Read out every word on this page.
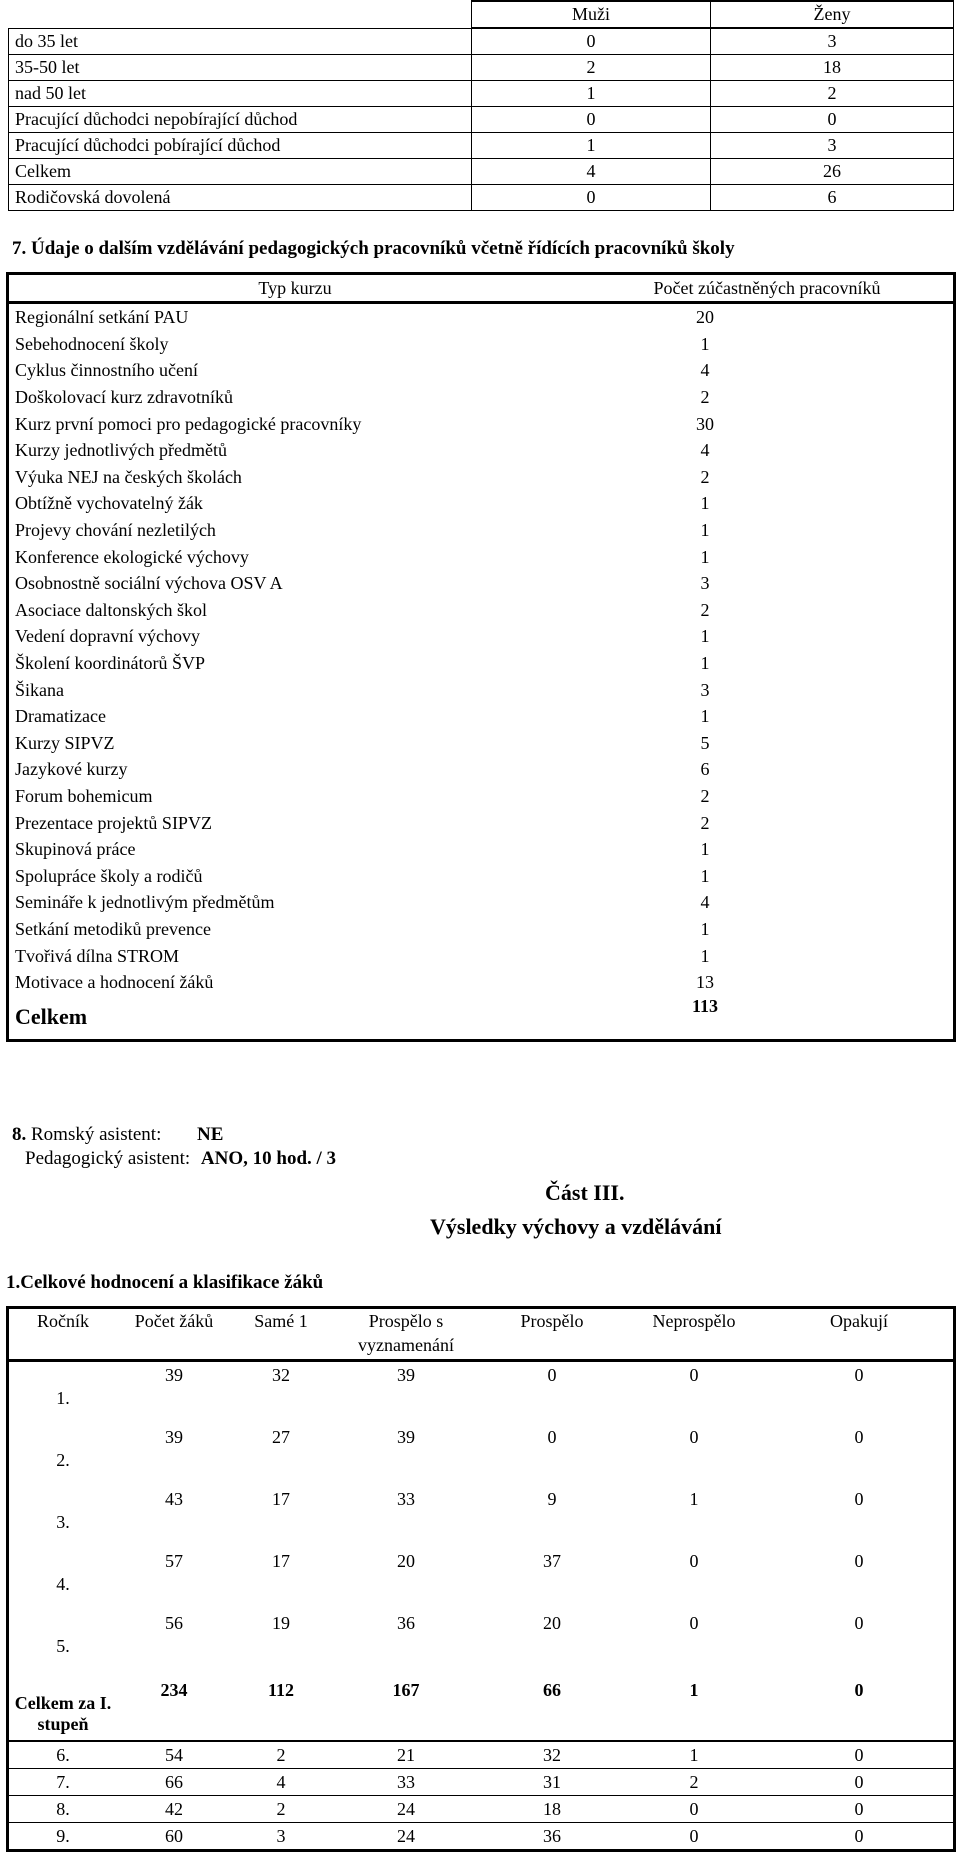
	Muži	Ženy
do 35 let	0	3
35-50 let	2	18
nad 50 let	1	2
Pracující důchodci nepobírající důchod	0	0
Pracující důchodci pobírající důchod	1	3
Celkem	4	26
Rodičovská dovolená	0	6
7. Údaje o dalším vzdělávání pedagogických pracovníků včetně řídících pracovníků školy
Typ kurzu	Počet zúčastněných pracovníků
Regionální setkání PAU	20
Sebehodnocení školy	1
Cyklus činnostního učení	4
Doškolovací kurz zdravotníků	2
Kurz první pomoci pro pedagogické pracovníky	30
Kurzy jednotlivých předmětů	4
Výuka NEJ na českých školách	2
Obtížně vychovatelný žák	1
Projevy chování nezletilých	1
Konference ekologické výchovy	1
Osobnostně sociální výchova OSV A	3
Asociace daltonských škol	2
Vedení dopravní výchovy	1
Školení koordinátorů ŠVP	1
Šikana	3
Dramatizace	1
Kurzy SIPVZ	5
Jazykové kurzy	6
Forum bohemicum	2
Prezentace projektů SIPVZ	2
Skupinová práce	1
Spolupráce školy a rodičů	1
Semináře k jednotlivým předmětům	4
Setkání metodiků prevence	1
Tvořivá dílna STROM	1
Motivace a hodnocení žáků	13
Celkem	113
8. Romský asistent: NE
Pedagogický asistent: ANO, 10 hod. / 3
Část III.
Výsledky výchovy a vzdělávání
1.Celkové hodnocení a klasifikace žáků
Ročník	Počet žáků	Samé 1	Prospělo s vyznamenání	Prospělo	Neprospělo	Opakují
1.	39	32	39	0	0	0
2.	39	27	39	0	0	0
3.	43	17	33	9	1	0
4.	57	17	20	37	0	0
5.	56	19	36	20	0	0
Celkem za I. stupeň	234	112	167	66	1	0
6.	54	2	21	32	1	0
7.	66	4	33	31	2	0
8.	42	2	24	18	0	0
9.	60	3	24	36	0	0
